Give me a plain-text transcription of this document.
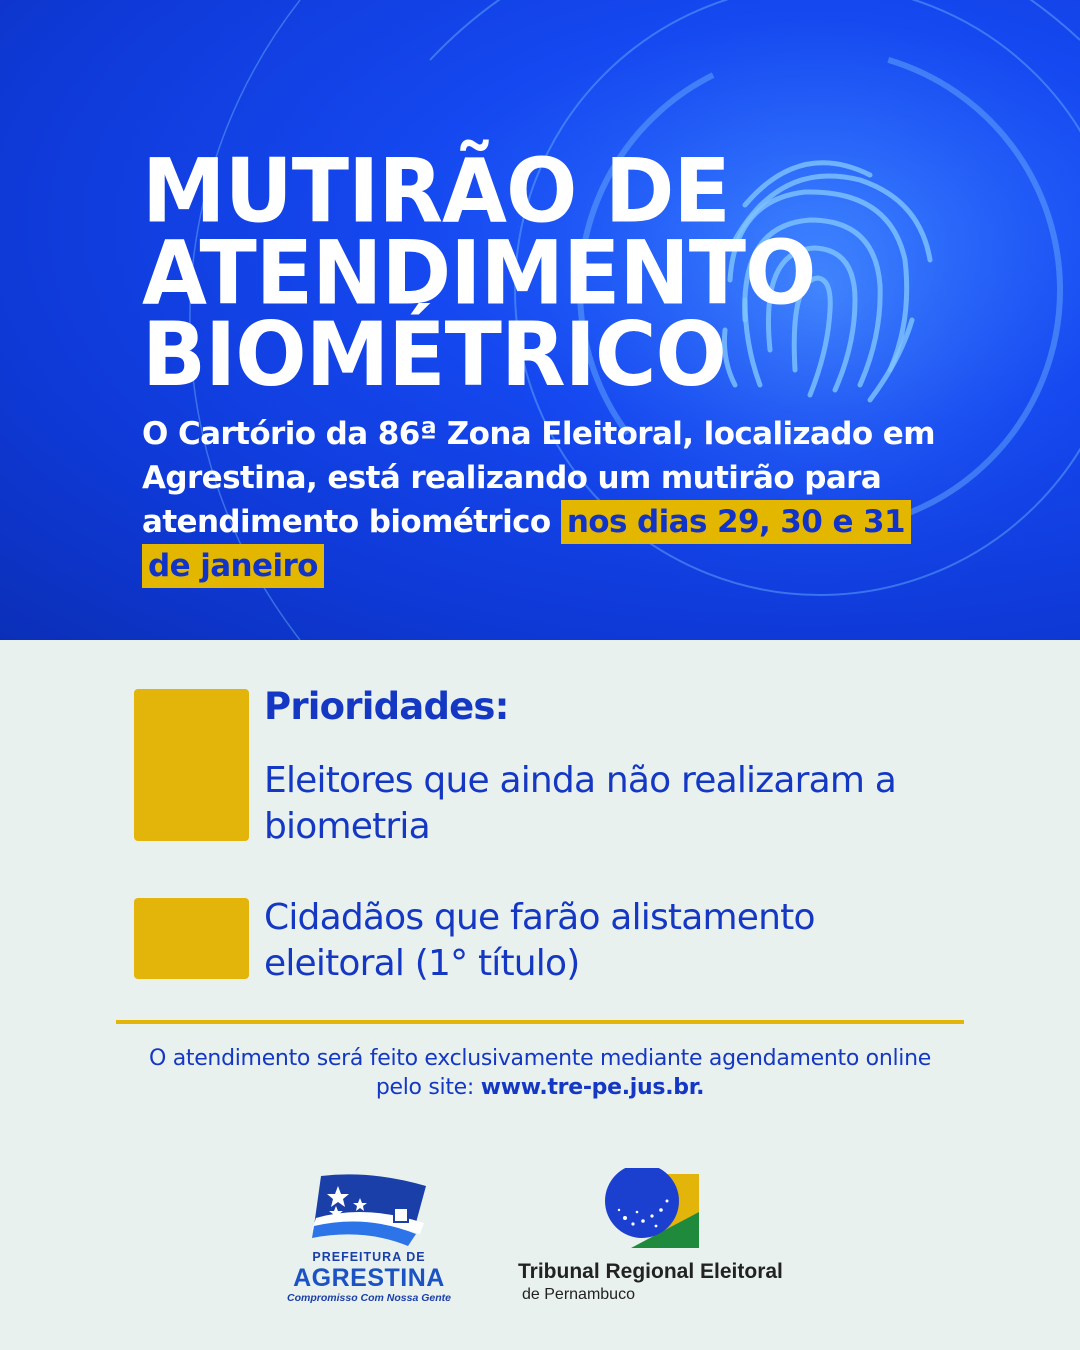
MUTIRÃO DE
ATENDIMENTO
BIOMÉTRICO

O Cartório da 86ª Zona Eleitoral, localizado em Agrestina, está realizando um mutirão para atendimento biométrico nos dias 29, 30 e 31
de janeiro

Prioridades:

Eleitores que ainda não realizaram a biometria

Cidadãos que farão alistamento eleitoral (1° título)

O atendimento será feito exclusivamente mediante agendamento online pelo site: www.tre-pe.jus.br.

PREFEITURA DE
AGRESTINA
Compromisso Com Nossa Gente
Tribunal Regional Eleitoral
de Pernambuco
